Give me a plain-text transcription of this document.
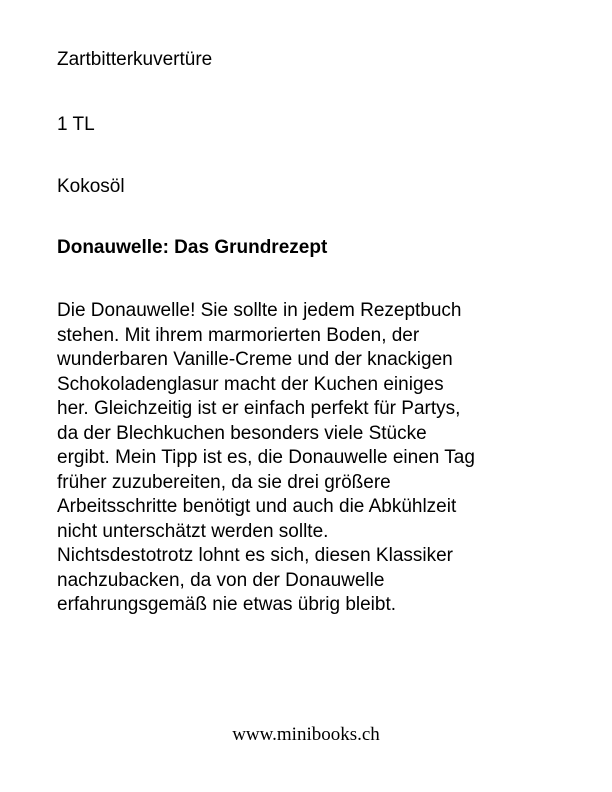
Zartbitterkuvertüre

1 TL

Kokosöl

Donauwelle: Das Grundrezept

Die Donauwelle! Sie sollte in jedem Rezeptbuch
stehen. Mit ihrem marmorierten Boden, der
wunderbaren Vanille-Creme und der knackigen
Schokoladenglasur macht der Kuchen einiges
her. Gleichzeitig ist er einfach perfekt für Partys,
da der Blechkuchen besonders viele Stücke
ergibt. Mein Tipp ist es, die Donauwelle einen Tag
früher zuzubereiten, da sie drei größere
Arbeitsschritte benötigt und auch die Abkühlzeit
nicht unterschätzt werden sollte.
Nichtsdestotrotz lohnt es sich, diesen Klassiker
nachzubacken, da von der Donauwelle
erfahrungsgemäß nie etwas übrig bleibt.

www.minibooks.ch
